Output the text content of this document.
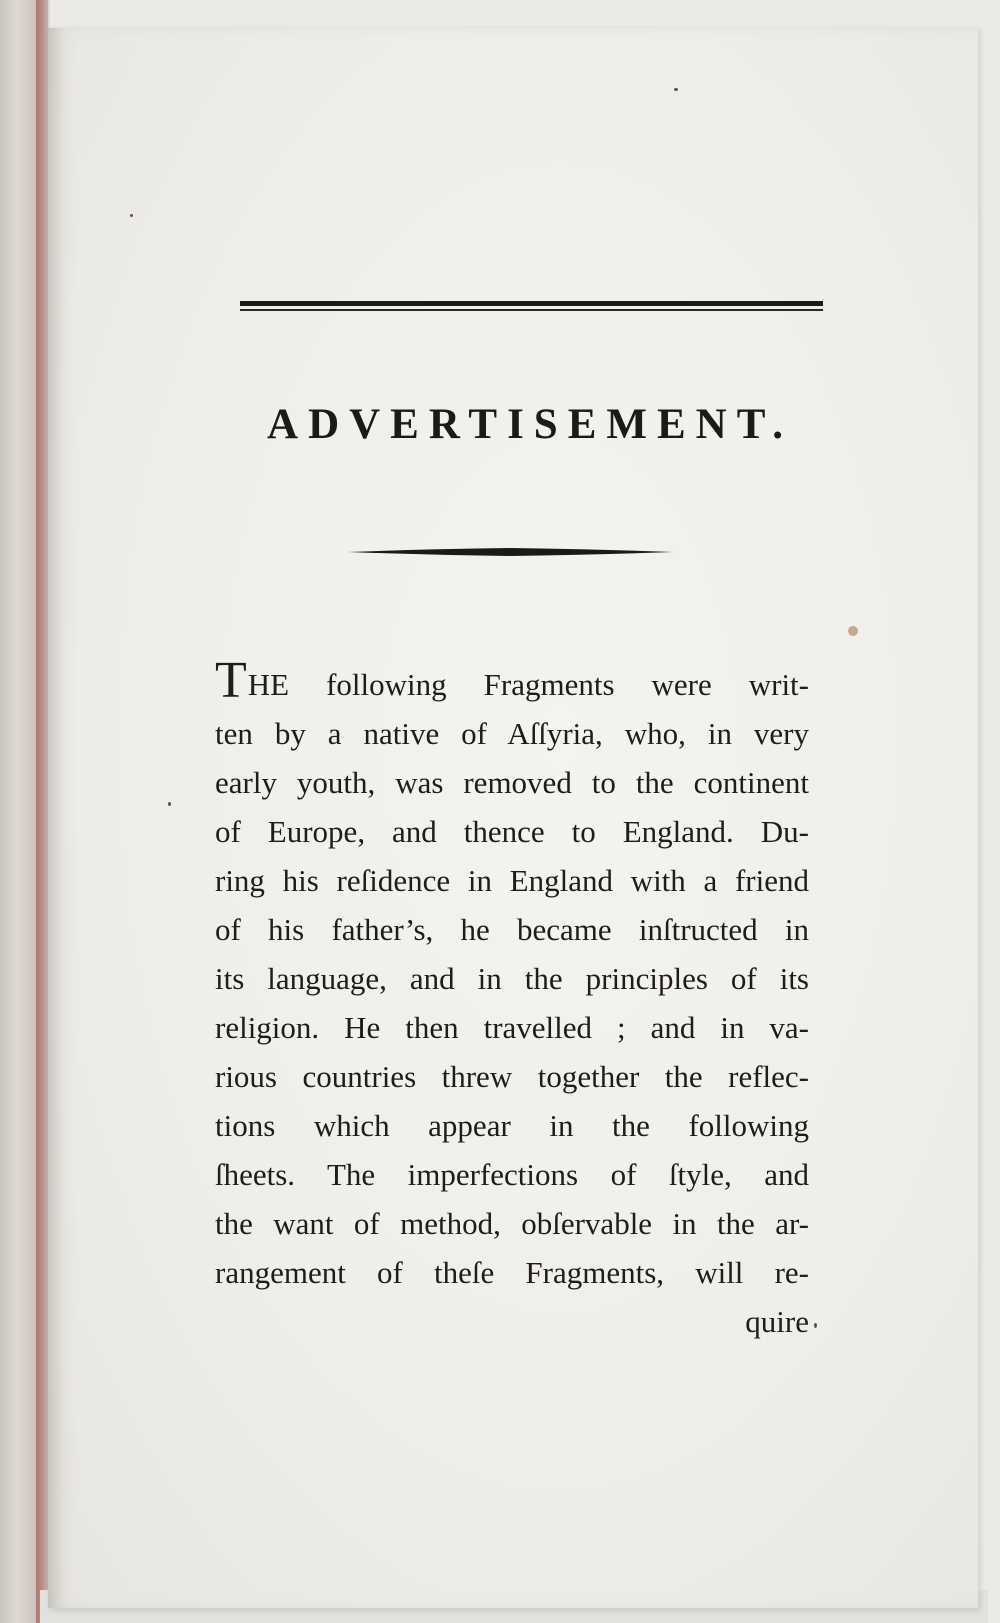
ADVERTISEMENT.
THE following Fragments were writ-
ten by a native of Aſſyria, who, in very
early youth, was removed to the continent
of Europe, and thence to England. Du-
ring his reſidence in England with a friend
of his father’s, he became inſtructed in
its language, and in the principles of its
religion. He then travelled ; and in va-
rious countries threw together the reflec-
tions which appear in the following
ſheets. The imperfections of ſtyle, and
the want of method, obſervable in the ar-
rangement of theſe Fragments, will re-
quire
